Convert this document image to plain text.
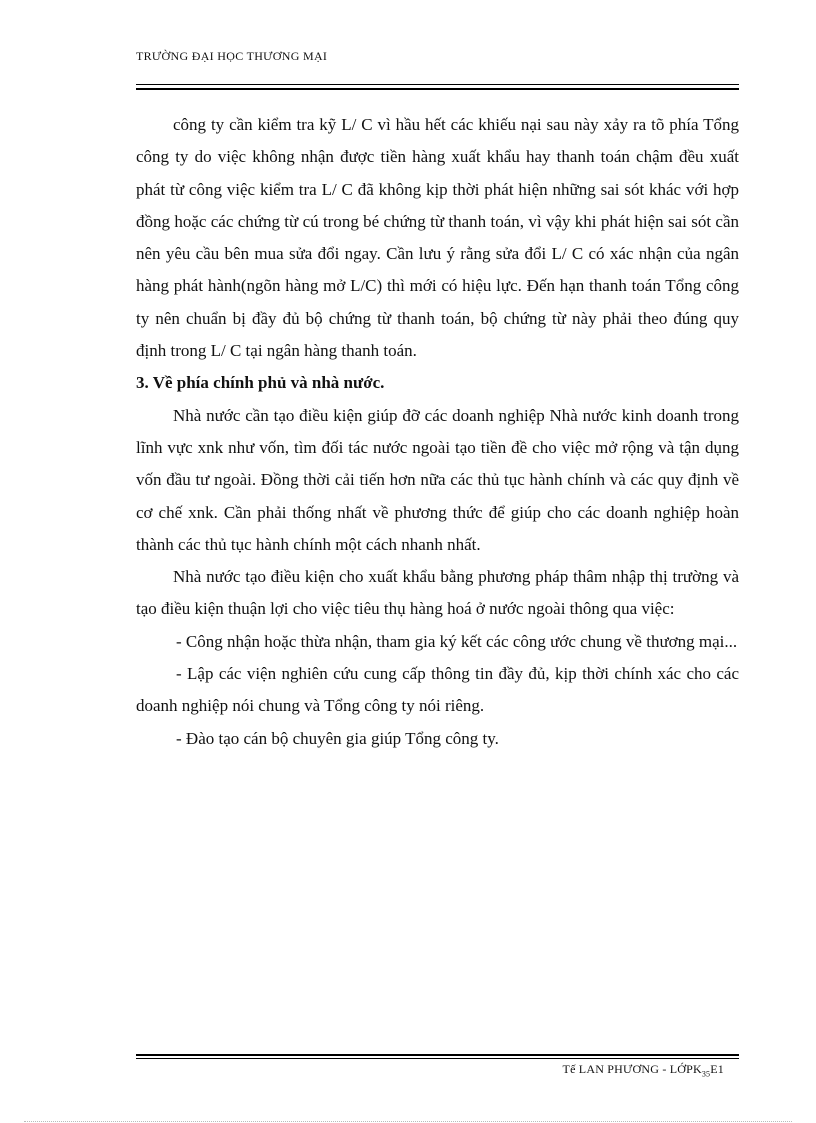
TRƯỜNG ĐẠI HỌC THƯƠNG MẠI

công ty cần kiểm tra kỹ L/ C vì hầu hết các khiếu nại sau này xảy ra tõ phía Tổng công ty do việc không nhận được tiền hàng xuất khẩu hay thanh toán chậm đều xuất phát từ công việc kiểm tra L/ C đã không kịp thời phát hiện những sai sót khác với hợp đồng hoặc các chứng từ cú trong bé chứng từ thanh toán, vì vậy khi phát hiện sai sót cần nên yêu cầu bên mua sửa đổi ngay. Cần lưu ý rằng sửa đổi L/ C có xác nhận của ngân hàng phát hành(ngõn hàng mở L/C) thì mới có hiệu lực. Đến hạn thanh toán Tổng công ty nên chuẩn bị đầy đủ bộ chứng từ thanh toán, bộ chứng từ này phải theo đúng quy định trong L/ C tại ngân hàng thanh toán.

3. Về phía chính phủ và nhà nước.

Nhà nước cần tạo điều kiện giúp đỡ các doanh nghiệp Nhà nước kinh doanh trong lĩnh vực xnk như vốn, tìm đối tác nước ngoài tạo tiền đề cho việc mở rộng và tận dụng vốn đầu tư ngoài. Đồng thời cải tiến hơn nữa các thủ tục hành chính và các quy định về cơ chế xnk. Cần phải thống nhất về phương thức để giúp cho các doanh nghiệp hoàn thành các thủ tục hành chính một cách nhanh nhất.

Nhà nước tạo điều kiện cho xuất khẩu bằng phương pháp thâm nhập thị trường và tạo điều kiện thuận lợi cho việc tiêu thụ hàng hoá ở nước ngoài thông qua việc:

- Công nhận hoặc thừa nhận, tham gia ký kết các công ước chung về thương mại...

- Lập các viện nghiên cứu cung cấp thông tin đầy đủ, kịp thời chính xác cho các doanh nghiệp nói chung và Tổng công ty nói riêng.

- Đào tạo cán bộ chuyên gia giúp Tổng công ty.

Tế LAN PHƯƠNG - LỚPK$_{35}$E1
